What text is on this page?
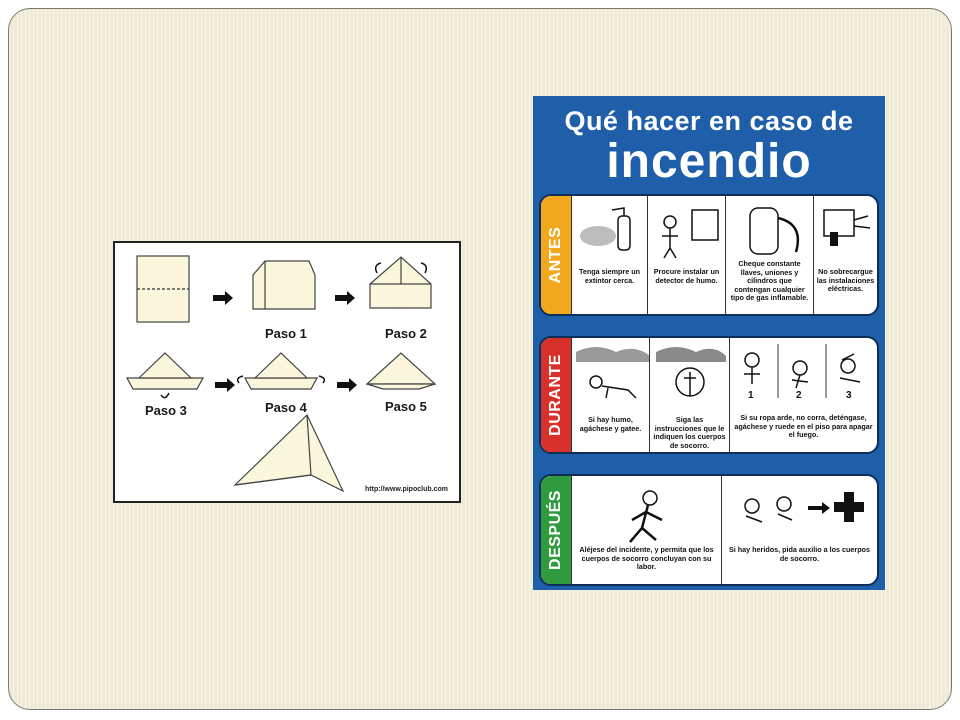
Paso 1	Paso 2
Paso 3	Paso 4	Paso 5
http://www.pipoclub.com
Qué hacer en caso de
incendio
ANTES	Tenga siempre un extintor cerca.
Procure instalar un detector de humo.
Cheque constante llaves, uniones y cilindros que contengan cualquier tipo de gas inflamable.
No sobrecargue las instalaciones eléctricas.
DURANTE	Si hay humo, agáchese y gatee.
Siga las instrucciones que le indiquen los cuerpos de socorro.
1	2	3
Si su ropa arde, no corra, deténgase, agáchese y ruede en el piso para apagar el fuego.
DESPUÉS	Aléjese del incidente, y permita que los cuerpos de socorro concluyan con su labor.
Si hay heridos, pida auxilio a los cuerpos de socorro.
